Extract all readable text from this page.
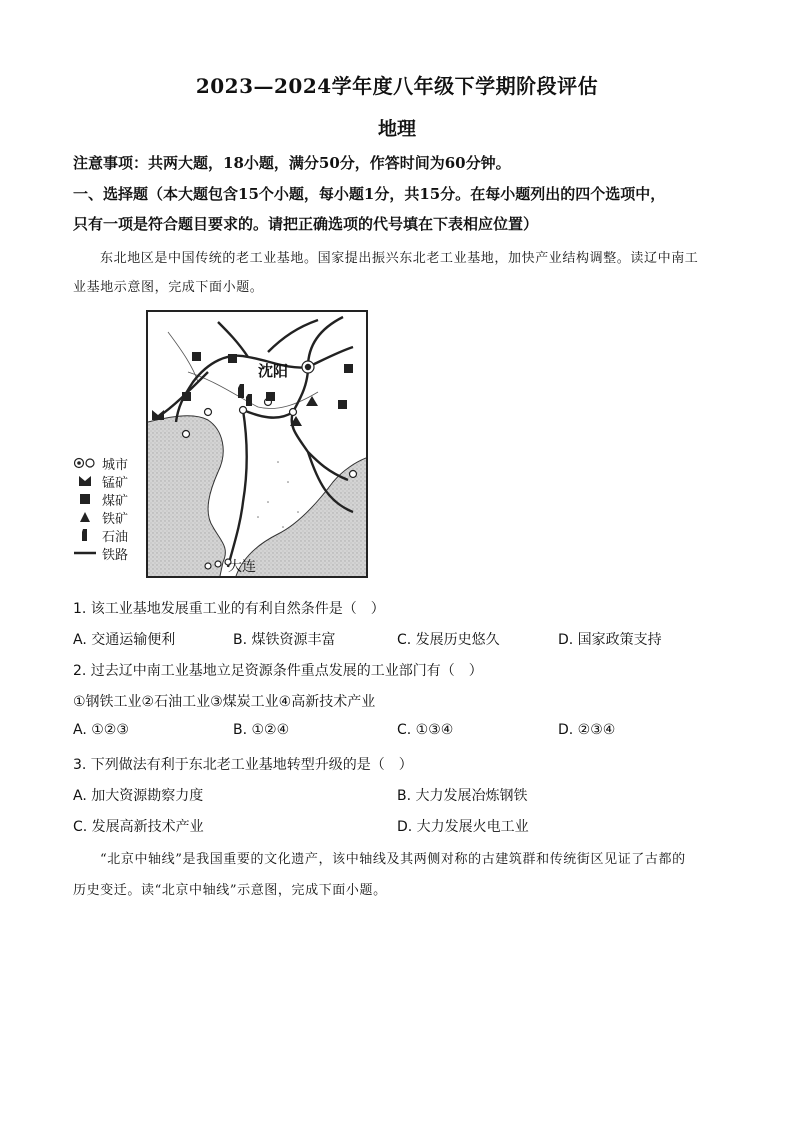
2023—2024学年度八年级下学期阶段评估
地理
注意事项：共两大题，18小题，满分50分，作答时间为60分钟。
一、选择题（本大题包含15个小题，每小题1分，共15分。在每小题列出的四个选项中，
只有一项是符合题目要求的。请把正确选项的代号填在下表相应位置）
东北地区是中国传统的老工业基地。国家提出振兴东北老工业基地，加快产业结构调整。读辽中南工
业基地示意图，完成下面小题。
沈阳
大连
城市
锰矿
煤矿
铁矿
石油
铁路
1. 该工业基地发展重工业的有利自然条件是（　）
A. 交通运输便利	B. 煤铁资源丰富	C. 发展历史悠久	D. 国家政策支持
2. 过去辽中南工业基地立足资源条件重点发展的工业部门有（　）
①钢铁工业②石油工业③煤炭工业④高新技术产业
A. ①②③	B. ①②④	C. ①③④	D. ②③④
3. 下列做法有利于东北老工业基地转型升级的是（　）
A. 加大资源勘察力度	B. 大力发展冶炼钢铁
C. 发展高新技术产业	D. 大力发展火电工业
“北京中轴线”是我国重要的文化遗产，该中轴线及其两侧对称的古建筑群和传统街区见证了古都的
历史变迁。读“北京中轴线”示意图，完成下面小题。
